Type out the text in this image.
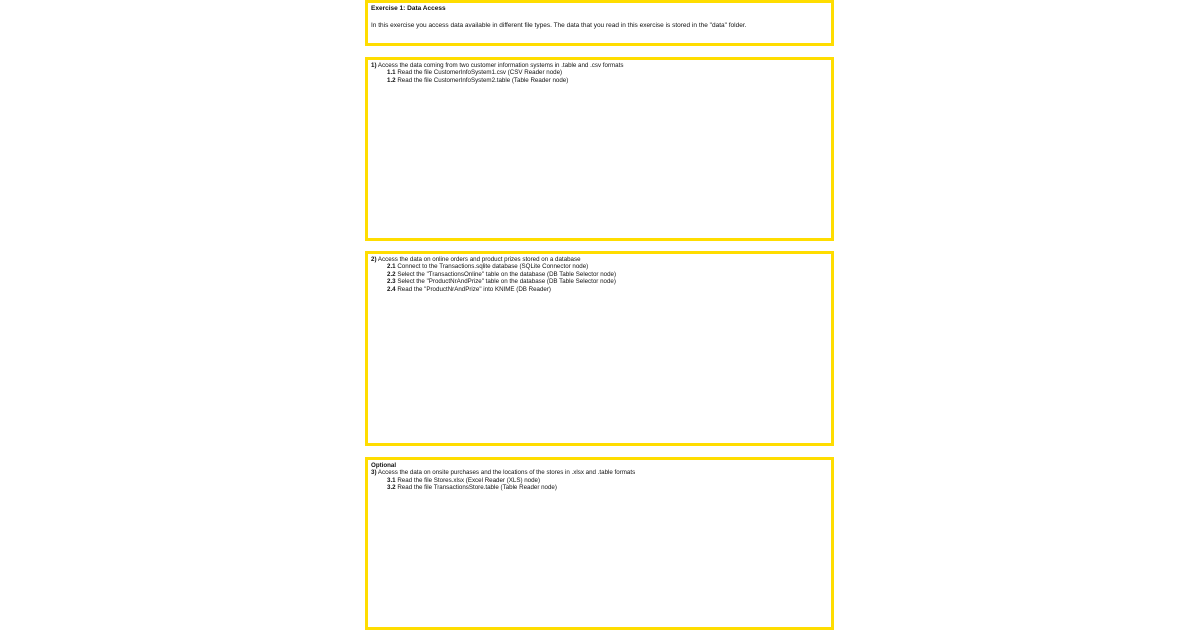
Exercise 1: Data Access
In this exercise you access data available in different file types. The data that you read in this exercise is stored in the "data" folder.
1) Access the data coming from two customer information systems in .table and .csv formats
1.1 Read the file CustomerInfoSystem1.csv (CSV Reader node)
1.2 Read the file CustomerInfoSystem2.table (Table Reader node)
2) Access the data on online orders and product prizes stored on a database
2.1 Connect to the Transactions.sqlite database (SQLite Connector node)
2.2 Select the "TransactionsOnline" table on the database (DB Table Selector node)
2.3 Select the "ProductNrAndPrize" table on the database (DB Table Selector node)
2.4 Read the "ProductNrAndPrize" into KNIME (DB Reader)
Optional
3) Access the data on onsite purchases and the locations of the stores in .xlsx and .table formats
3.1 Read the file Stores.xlsx (Excel Reader (XLS) node)
3.2 Read the file TransactionsStore.table (Table Reader node)
